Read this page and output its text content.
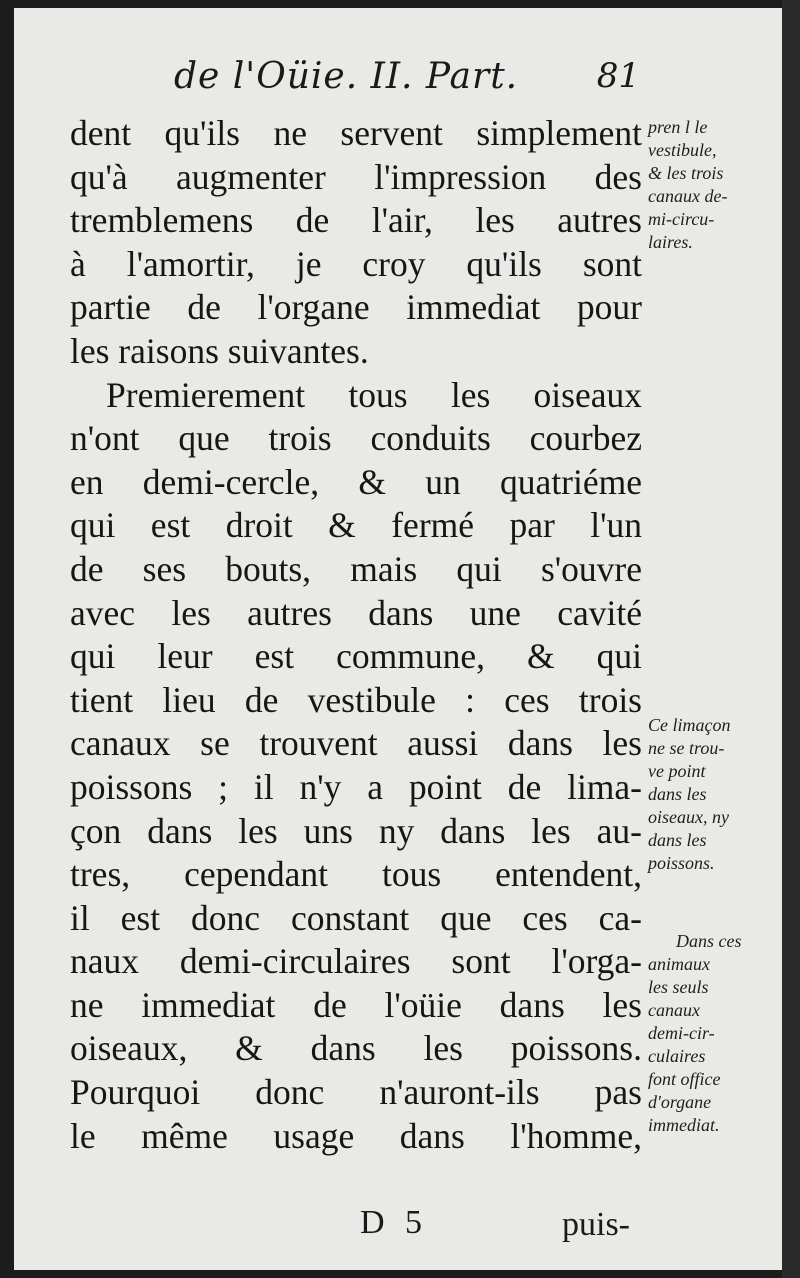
de l'Oüie. II. Part. 81
dent qu'ils ne servent simplement
qu'à augmenter l'impression des
tremblemens de l'air, les autres
à l'amortir, je croy qu'ils sont
partie de l'organe immediat pour
les raisons suivantes.
Premierement tous les oiseaux
n'ont que trois conduits courbez
en demi-cercle, & un quatriéme
qui est droit & fermé par l'un
de ses bouts, mais qui s'ouvre
avec les autres dans une cavité
qui leur est commune, & qui
tient lieu de vestibule : ces trois
canaux se trouvent aussi dans les
poissons ; il n'y a point de lima-
çon dans les uns ny dans les au-
tres, cependant tous entendent,
il est donc constant que ces ca-
naux demi-circulaires sont l'orga-
ne immediat de l'oüie dans les
oiseaux, & dans les poissons.
Pourquoi donc n'auront-ils pas
le même usage dans l'homme,
pren l le
vestibule,
& les trois
canaux de-
mi-circu-
laires.
Ce limaçon
ne se trou-
ve point
dans les
oiseaux, ny
dans les
poissons.
Dans ces
animaux
les seuls
canaux
demi-cir-
culaires
font office
d'organe
immediat.
D 5	puis-
